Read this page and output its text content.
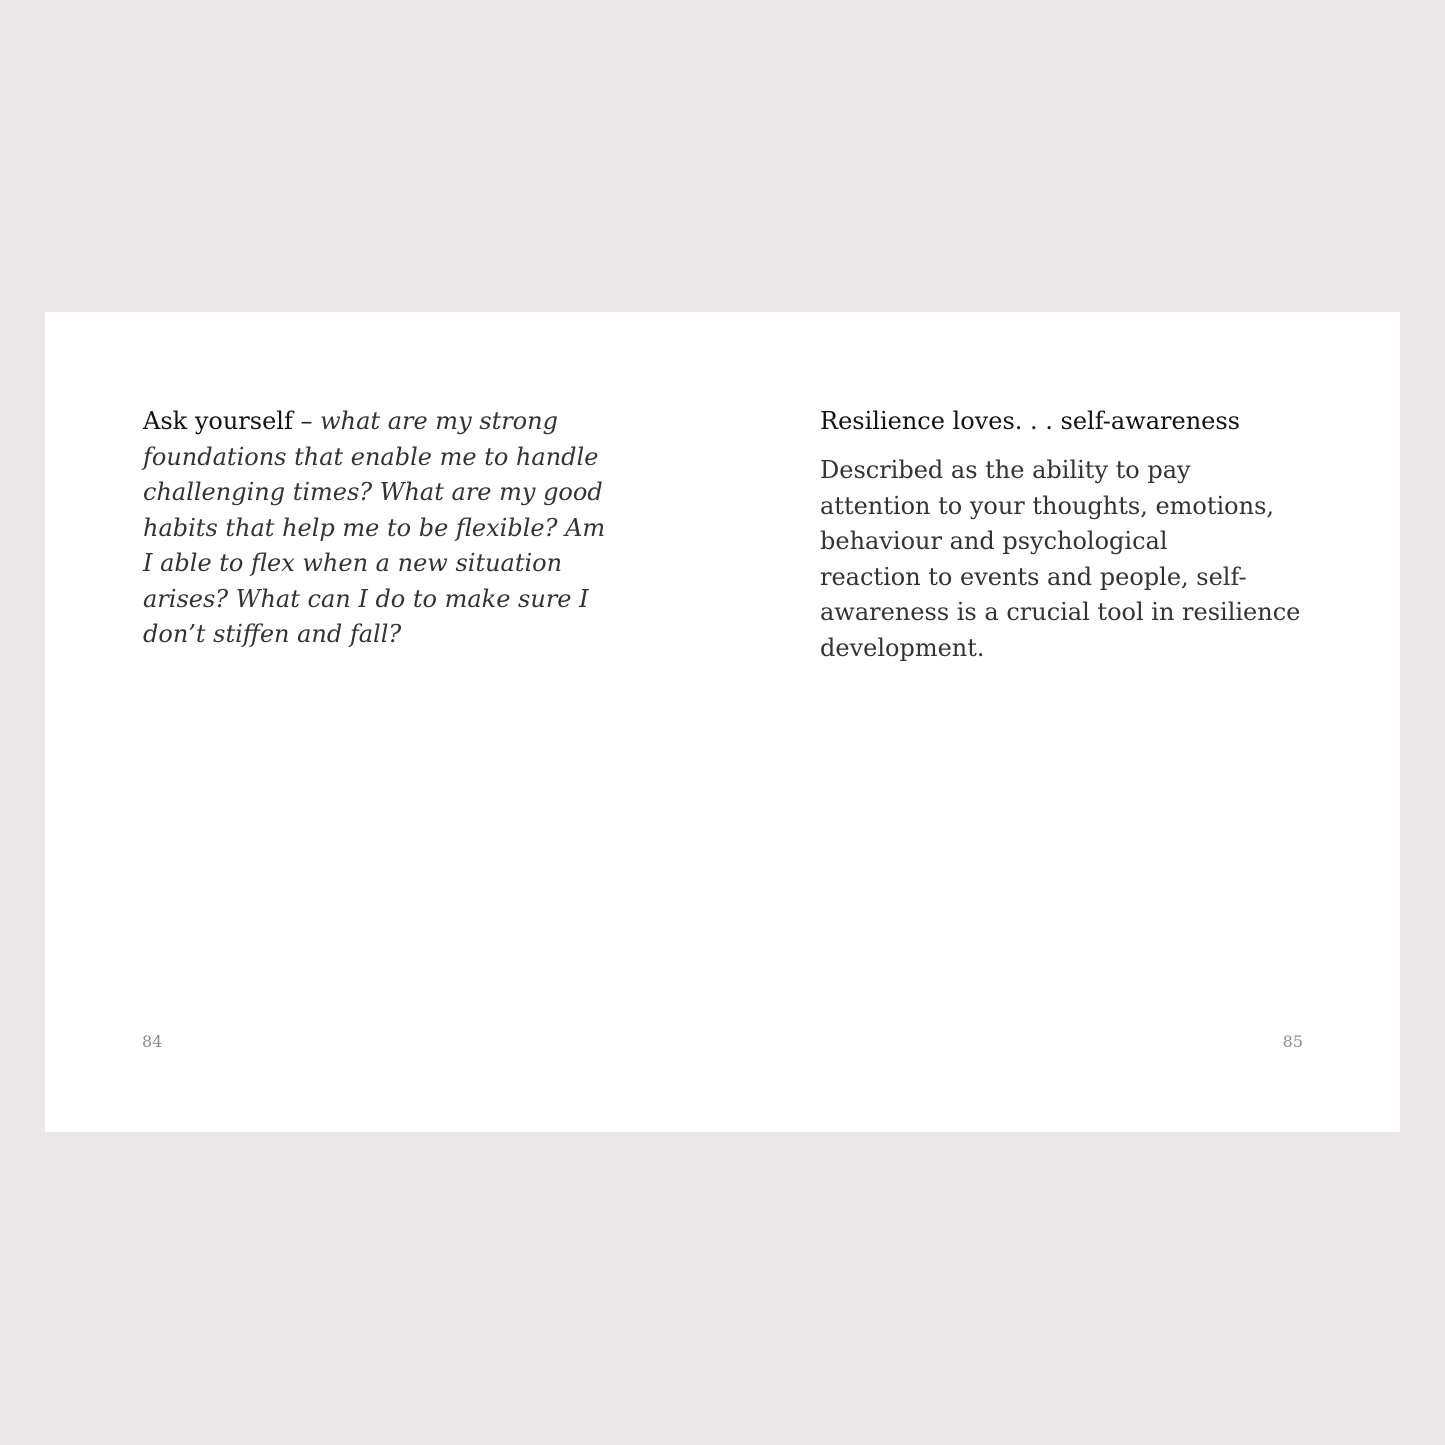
Ask yourself – what are my strong
foundations that enable me to handle
challenging times? What are my good
habits that help me to be flexible? Am
I able to flex when a new situation
arises? What can I do to make sure I
don’t stiffen and fall?

84
Resilience loves. . . self-awareness

Described as the ability to pay
attention to your thoughts, emotions,
behaviour and psychological
reaction to events and people, self-
awareness is a crucial tool in resilience
development.

85
